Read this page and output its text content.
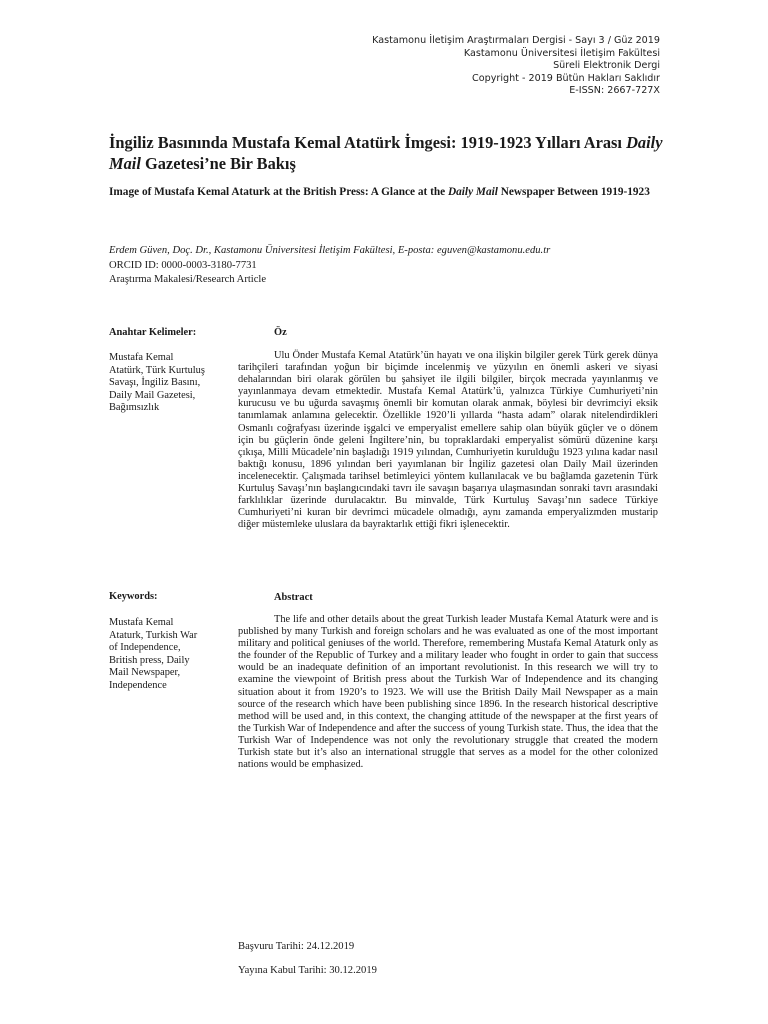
Kastamonu İletişim Araştırmaları Dergisi - Sayı 3 / Güz 2019
Kastamonu Üniversitesi İletişim Fakültesi
Süreli Elektronik Dergi
Copyright - 2019 Bütün Hakları Saklıdır
E-ISSN: 2667-727X
İngiliz Basınında Mustafa Kemal Atatürk İmgesi: 1919-1923 Yılları Arası Daily Mail Gazetesi’ne Bir Bakış
Image of Mustafa Kemal Ataturk at the British Press: A Glance at the Daily Mail Newspaper Between 1919-1923
Erdem Güven, Doç. Dr., Kastamonu Üniversitesi İletişim Fakültesi, E-posta: eguven@kastamonu.edu.tr
ORCID ID: 0000-0003-3180-7731
Araştırma Makalesi/Research Article
Anahtar Kelimeler:
Mustafa Kemal
Atatürk, Türk Kurtuluş
Savaşı, İngiliz Basını,
Daily Mail Gazetesi,
Bağımsızlık
Öz

Ulu Önder Mustafa Kemal Atatürk’ün hayatı ve ona ilişkin bilgiler gerek Türk gerek dünya tarihçileri tarafından yoğun bir biçimde incelenmiş ve yüzyılın en önemli askeri ve siyasi dehalarından biri olarak görülen bu şahsiyet ile ilgili bilgiler, birçok mecrada yayınlanmış ve yayınlanmaya devam etmektedir. Mustafa Kemal Atatürk’ü, yalnızca Türkiye Cumhuriyeti’nin kurucusu ve bu uğurda savaşmış önemli bir komutan olarak anmak, böylesi bir devrimciyi eksik tanımlamak anlamına gelecektir. Özellikle 1920’li yıllarda “hasta adam” olarak nitelendirdikleri Osmanlı coğrafyası üzerinde işgalci ve emperyalist emellere sahip olan büyük güçler ve o dönem için bu güçlerin önde geleni İngiltere’nin, bu topraklardaki emperyalist sömürü düzenine karşı çıkışa, Milli Mücadele’nin başladığı 1919 yılından, Cumhuriyetin kurulduğu 1923 yılına kadar nasıl baktığı konusu, 1896 yılından beri yayımlanan bir İngiliz gazetesi olan Daily Mail üzerinden incelenecektir. Çalışmada tarihsel betimleyici yöntem kullanılacak ve bu bağlamda gazetenin Türk Kurtuluş Savaşı’nın başlangıcındaki tavrı ile savaşın başarıya ulaşmasından sonraki tavrı arasındaki farklılıklar üzerinde durulacaktır. Bu minvalde, Türk Kurtuluş Savaşı’nın sadece Türkiye Cumhuriyeti’ni kuran bir devrimci mücadele olmadığı, aynı zamanda emperyalizmden mustarip diğer müstemleke uluslara da bayraktarlık ettiği fikri işlenecektir.

Keywords:
Mustafa Kemal
Ataturk, Turkish War
of Independence,
British press, Daily
Mail Newspaper,
Independence
Abstract

The life and other details about the great Turkish leader Mustafa Kemal Ataturk were and is published by many Turkish and foreign scholars and he was evaluated as one of the most important military and political geniuses of the world. Therefore, remembering Mustafa Kemal Ataturk only as the founder of the Republic of Turkey and a military leader who fought in order to gain that success would be an inadequate definition of an important revolutionist. In this research we will try to examine the viewpoint of British press about the Turkish War of Independence and its changing situation about it from 1920’s to 1923. We will use the British Daily Mail Newspaper as a main source of the research which have been publishing since 1896. In the research historical descriptive method will be used and, in this context, the changing attitude of the newspaper at the first years of the Turkish War of Independence and after the success of young Turkish state. Thus, the idea that the Turkish War of Independence was not only the revolutionary struggle that created the modern Turkish state but it’s also an international struggle that serves as a model for the other colonized nations would be emphasized.

Başvuru Tarihi: 24.12.2019
Yayına Kabul Tarihi: 30.12.2019
